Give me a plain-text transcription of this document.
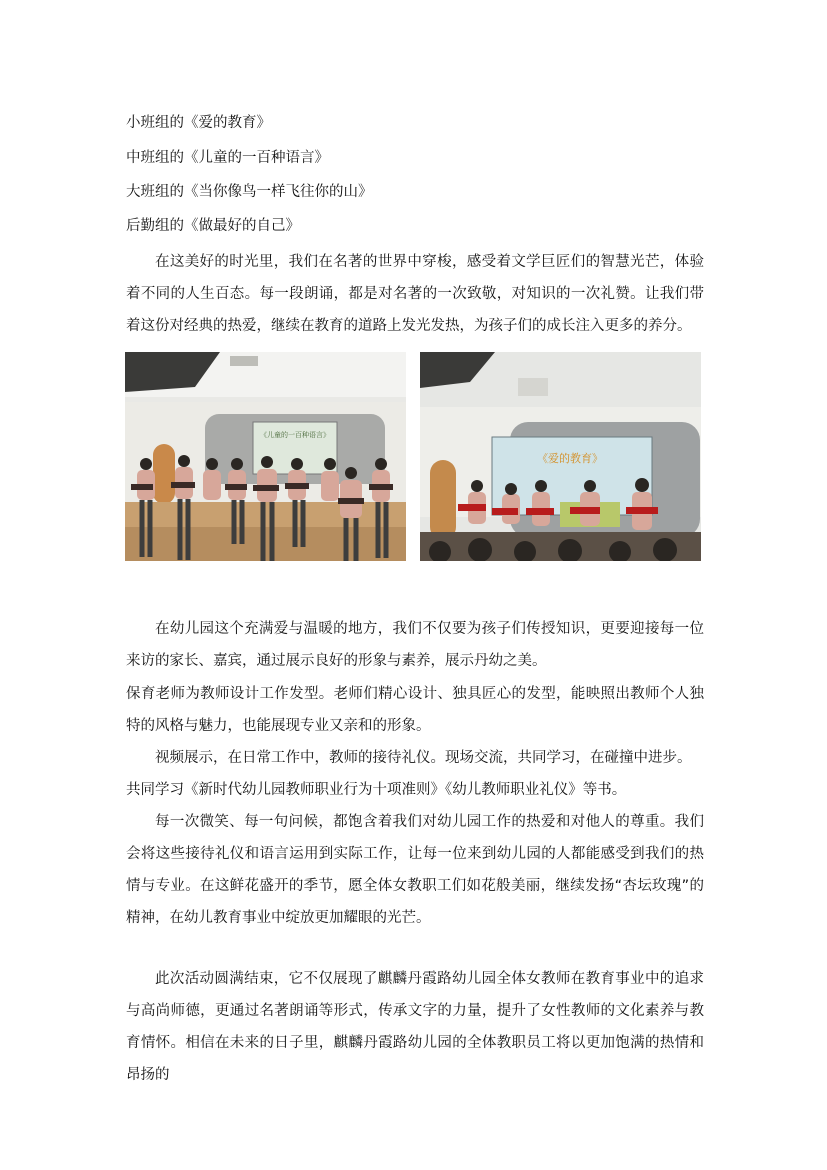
小班组的《爱的教育》
中班组的《儿童的一百种语言》
大班组的《当你像鸟一样飞往你的山》
后勤组的《做最好的自己》
在这美好的时光里，我们在名著的世界中穿梭，感受着文学巨匠们的智慧光芒，体验着不同的人生百态。每一段朗诵，都是对名著的一次致敬，对知识的一次礼赞。让我们带着这份对经典的热爱，继续在教育的道路上发光发热，为孩子们的成长注入更多的养分。
《儿童的一百种语言》
《爱的教育》
在幼儿园这个充满爱与温暖的地方，我们不仅要为孩子们传授知识，更要迎接每一位来访的家长、嘉宾，通过展示良好的形象与素养，展示丹幼之美。
保育老师为教师设计工作发型。老师们精心设计、独具匠心的发型，能映照出教师个人独特的风格与魅力，也能展现专业又亲和的形象。
视频展示，在日常工作中，教师的接待礼仪。现场交流，共同学习，在碰撞中进步。
共同学习《新时代幼儿园教师职业行为十项准则》《幼儿教师职业礼仪》等书。
每一次微笑、每一句问候，都饱含着我们对幼儿园工作的热爱和对他人的尊重。我们会将这些接待礼仪和语言运用到实际工作，让每一位来到幼儿园的人都能感受到我们的热情与专业。在这鲜花盛开的季节，愿全体女教职工们如花般美丽，继续发扬“杏坛玫瑰”的精神，在幼儿教育事业中绽放更加耀眼的光芒。
此次活动圆满结束，它不仅展现了麒麟丹霞路幼儿园全体女教师在教育事业中的追求与高尚师德，更通过名著朗诵等形式，传承文字的力量，提升了女性教师的文化素养与教育情怀。相信在未来的日子里，麒麟丹霞路幼儿园的全体教职员工将以更加饱满的热情和昂扬的
